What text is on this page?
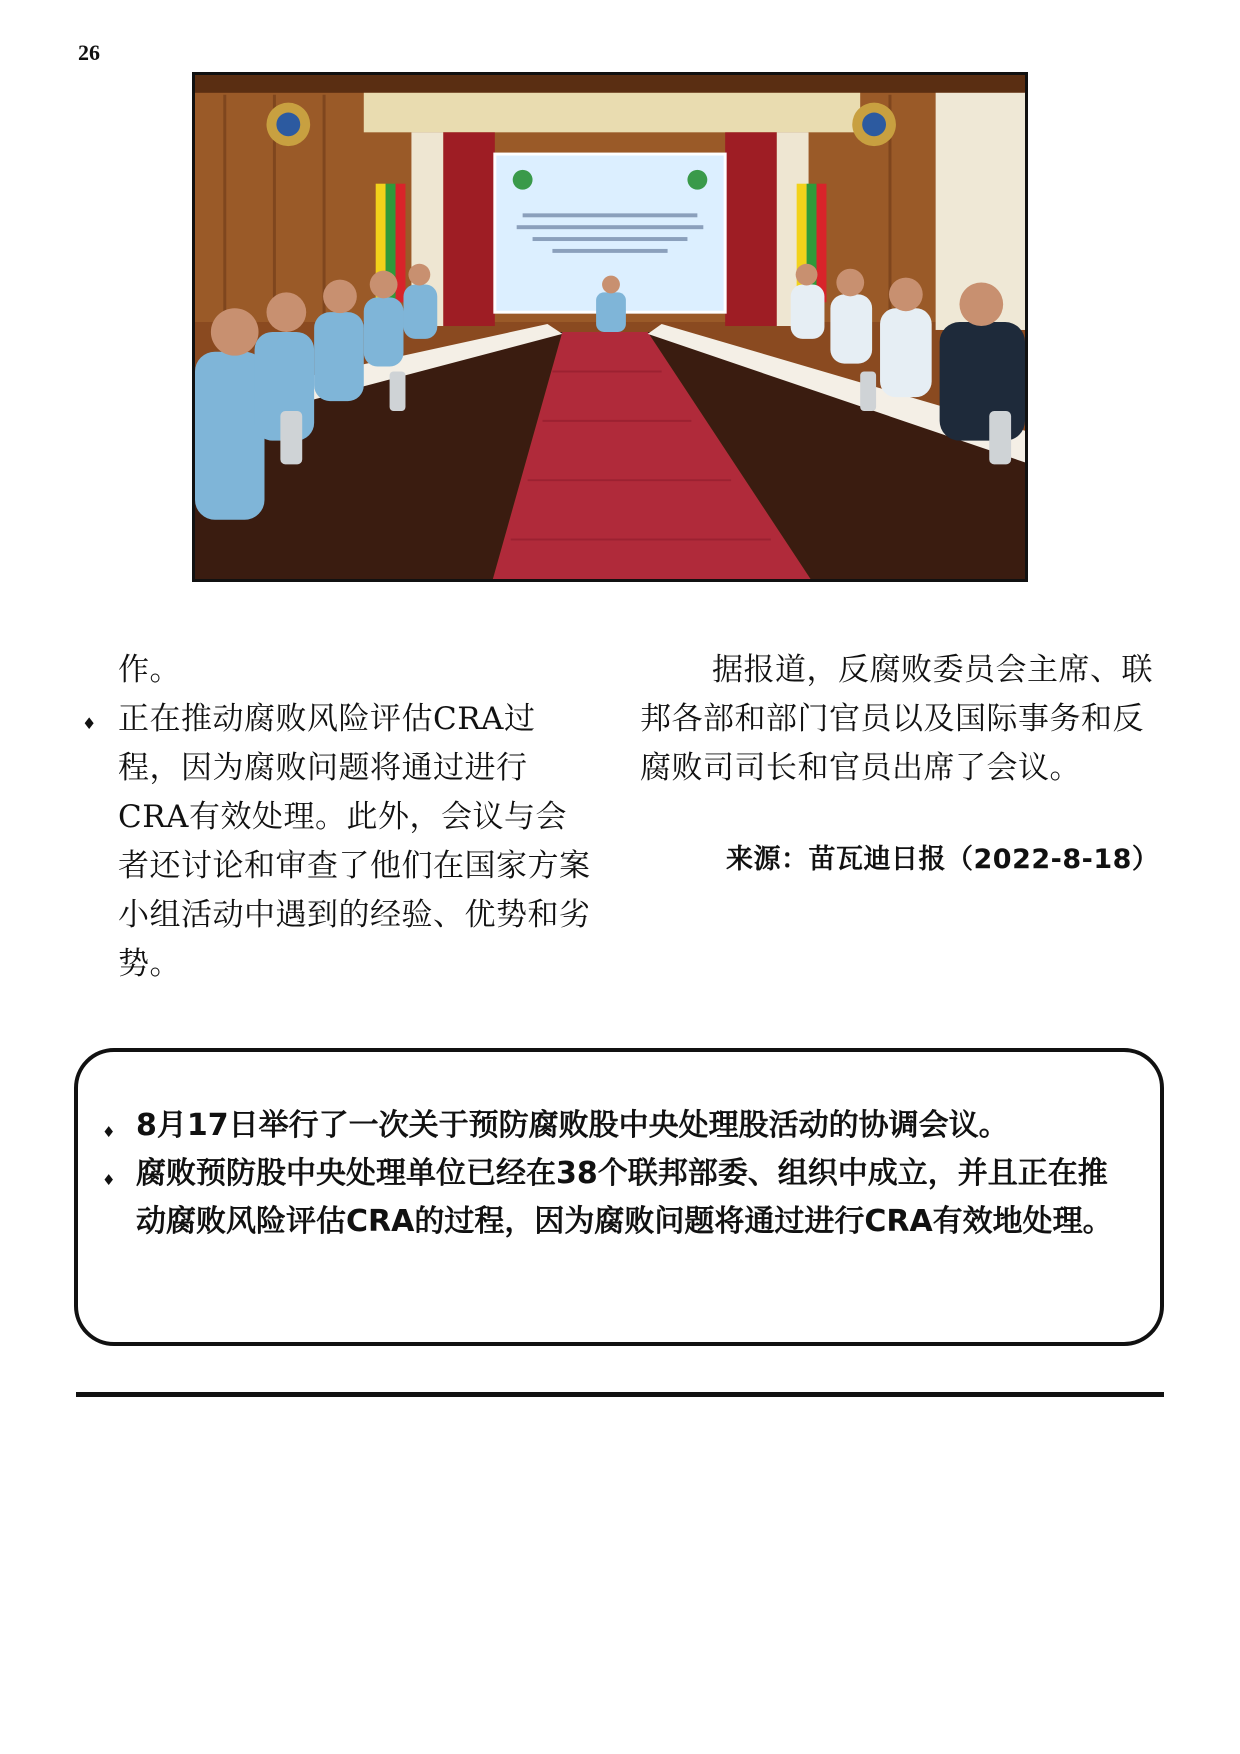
26

作。

♦ 正在推动腐败风险评估CRA过程，因为腐败问题将通过进行CRA有效处理。此外，会议与会者还讨论和审查了他们在国家方案小组活动中遇到的经验、优势和劣势。

据报道，反腐败委员会主席、联邦各部和部门官员以及国际事务和反腐败司司长和官员出席了会议。

来源：苗瓦迪日报（2022-8-18）

♦ 8月17日举行了一次关于预防腐败股中央处理股活动的协调会议。

♦ 腐败预防股中央处理单位已经在38个联邦部委、组织中成立，并且正在推动腐败风险评估CRA的过程，因为腐败问题将通过进行CRA有效地处理。
